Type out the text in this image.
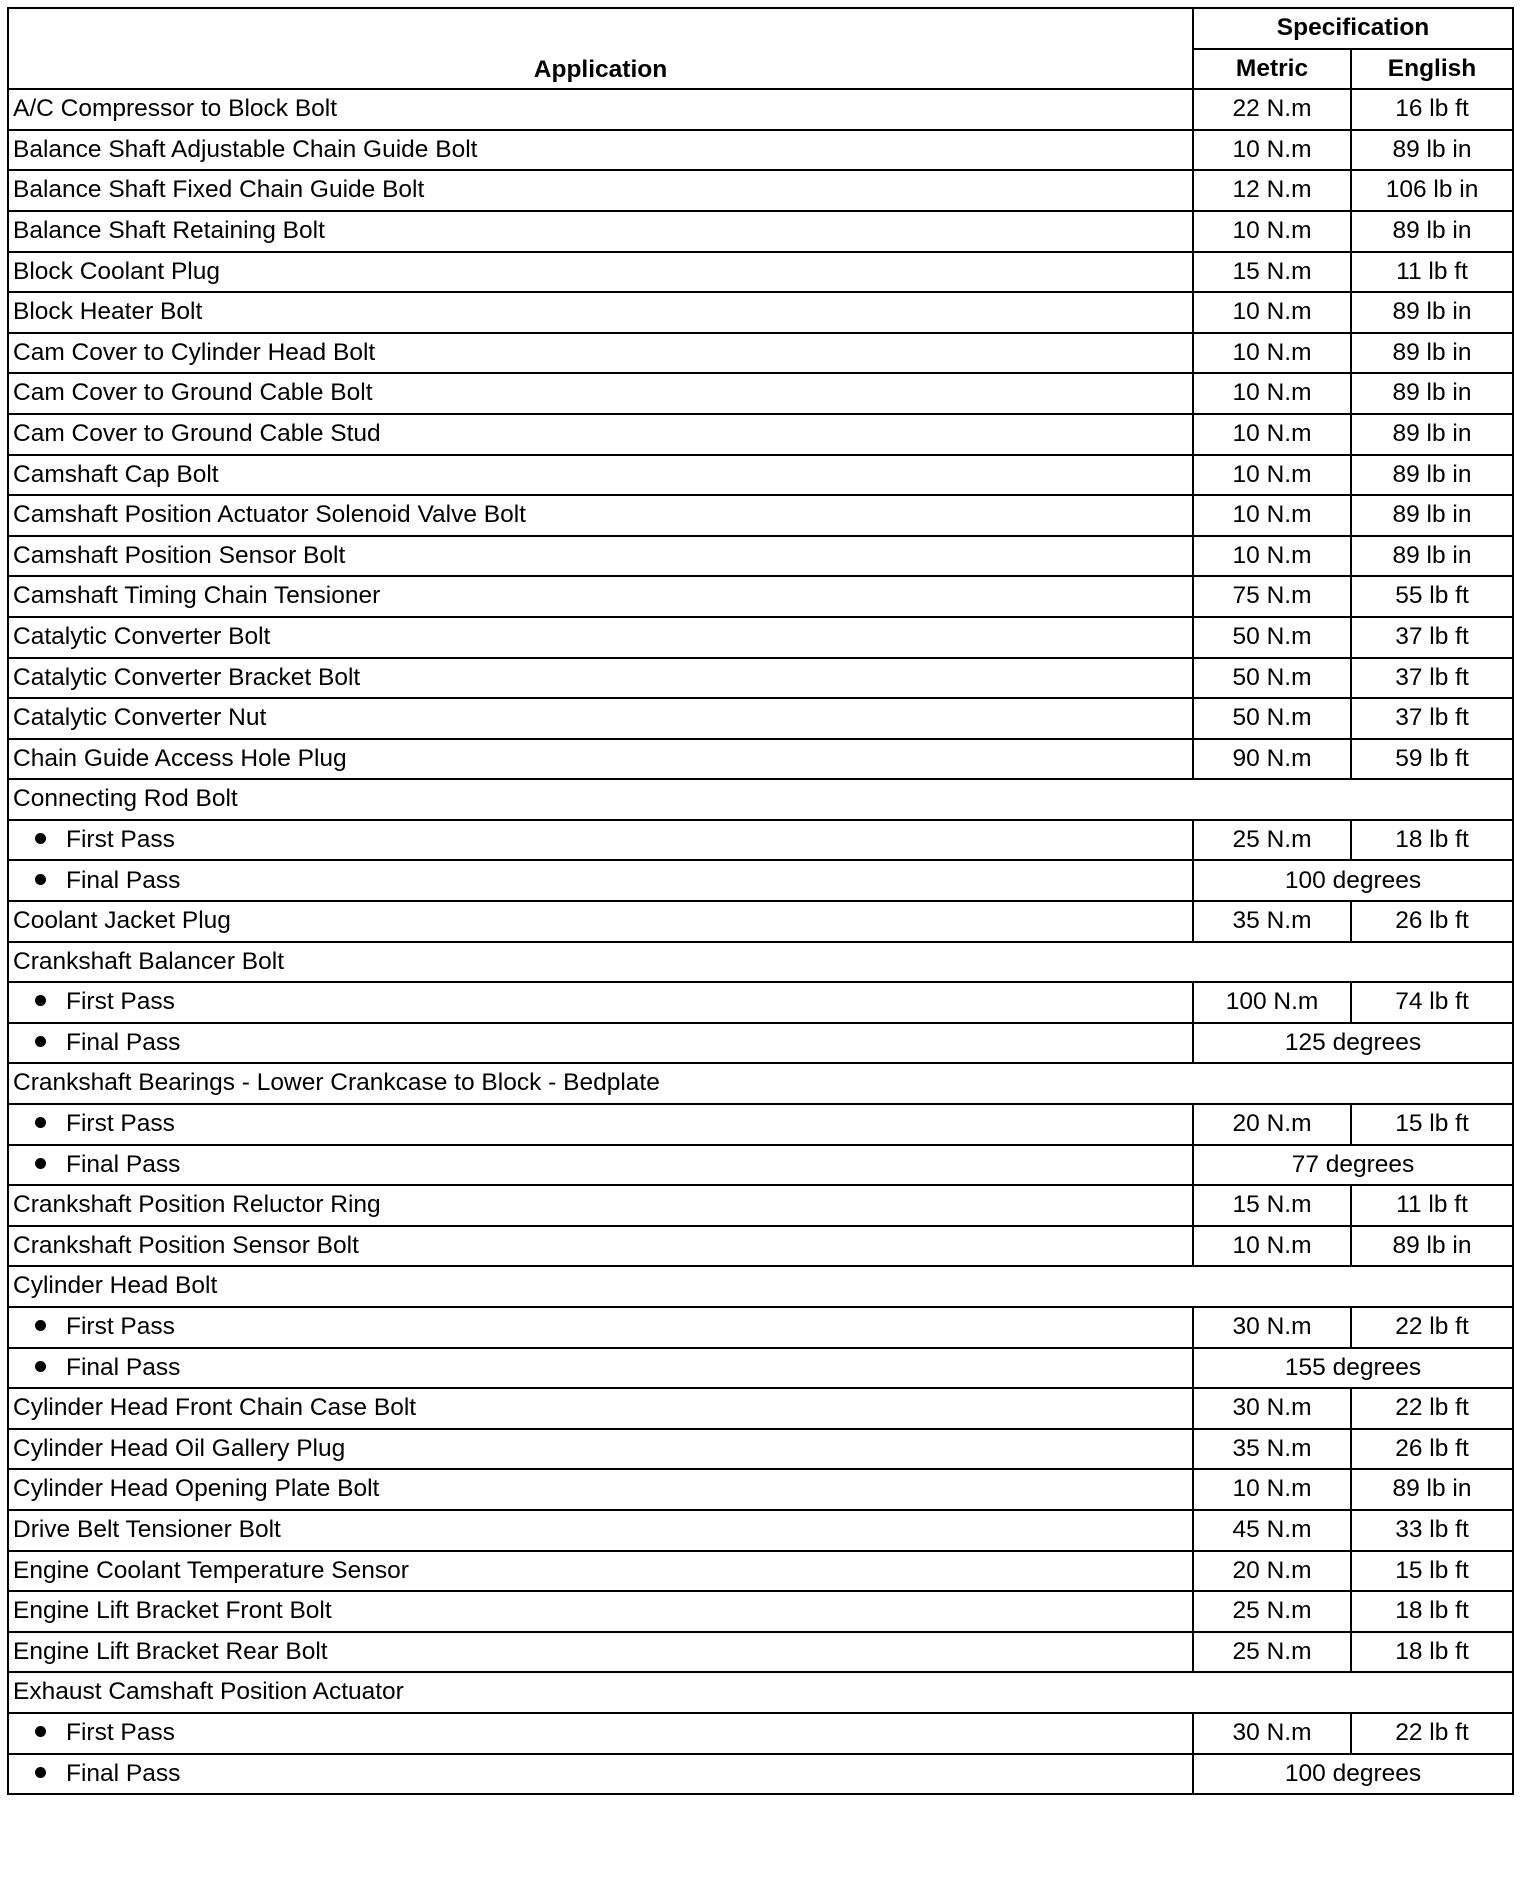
Application	Specification	
	Metric	English
A/C Compressor to Block Bolt	22 N.m	16 lb ft
Balance Shaft Adjustable Chain Guide Bolt	10 N.m	89 lb in
Balance Shaft Fixed Chain Guide Bolt	12 N.m	106 lb in
Balance Shaft Retaining Bolt	10 N.m	89 lb in
Block Coolant Plug	15 N.m	11 lb ft
Block Heater Bolt	10 N.m	89 lb in
Cam Cover to Cylinder Head Bolt	10 N.m	89 lb in
Cam Cover to Ground Cable Bolt	10 N.m	89 lb in
Cam Cover to Ground Cable Stud	10 N.m	89 lb in
Camshaft Cap Bolt	10 N.m	89 lb in
Camshaft Position Actuator Solenoid Valve Bolt	10 N.m	89 lb in
Camshaft Position Sensor Bolt	10 N.m	89 lb in
Camshaft Timing Chain Tensioner	75 N.m	55 lb ft
Catalytic Converter Bolt	50 N.m	37 lb ft
Catalytic Converter Bracket Bolt	50 N.m	37 lb ft
Catalytic Converter Nut	50 N.m	37 lb ft
Chain Guide Access Hole Plug	90 N.m	59 lb ft
Connecting Rod Bolt		
First Pass	25 N.m	18 lb ft
Final Pass	100 degrees	
Coolant Jacket Plug	35 N.m	26 lb ft
Crankshaft Balancer Bolt		
First Pass	100 N.m	74 lb ft
Final Pass	125 degrees	
Crankshaft Bearings - Lower Crankcase to Block - Bedplate		
First Pass	20 N.m	15 lb ft
Final Pass	77 degrees	
Crankshaft Position Reluctor Ring	15 N.m	11 lb ft
Crankshaft Position Sensor Bolt	10 N.m	89 lb in
Cylinder Head Bolt		
First Pass	30 N.m	22 lb ft
Final Pass	155 degrees	
Cylinder Head Front Chain Case Bolt	30 N.m	22 lb ft
Cylinder Head Oil Gallery Plug	35 N.m	26 lb ft
Cylinder Head Opening Plate Bolt	10 N.m	89 lb in
Drive Belt Tensioner Bolt	45 N.m	33 lb ft
Engine Coolant Temperature Sensor	20 N.m	15 lb ft
Engine Lift Bracket Front Bolt	25 N.m	18 lb ft
Engine Lift Bracket Rear Bolt	25 N.m	18 lb ft
Exhaust Camshaft Position Actuator		
First Pass	30 N.m	22 lb ft
Final Pass	100 degrees	
